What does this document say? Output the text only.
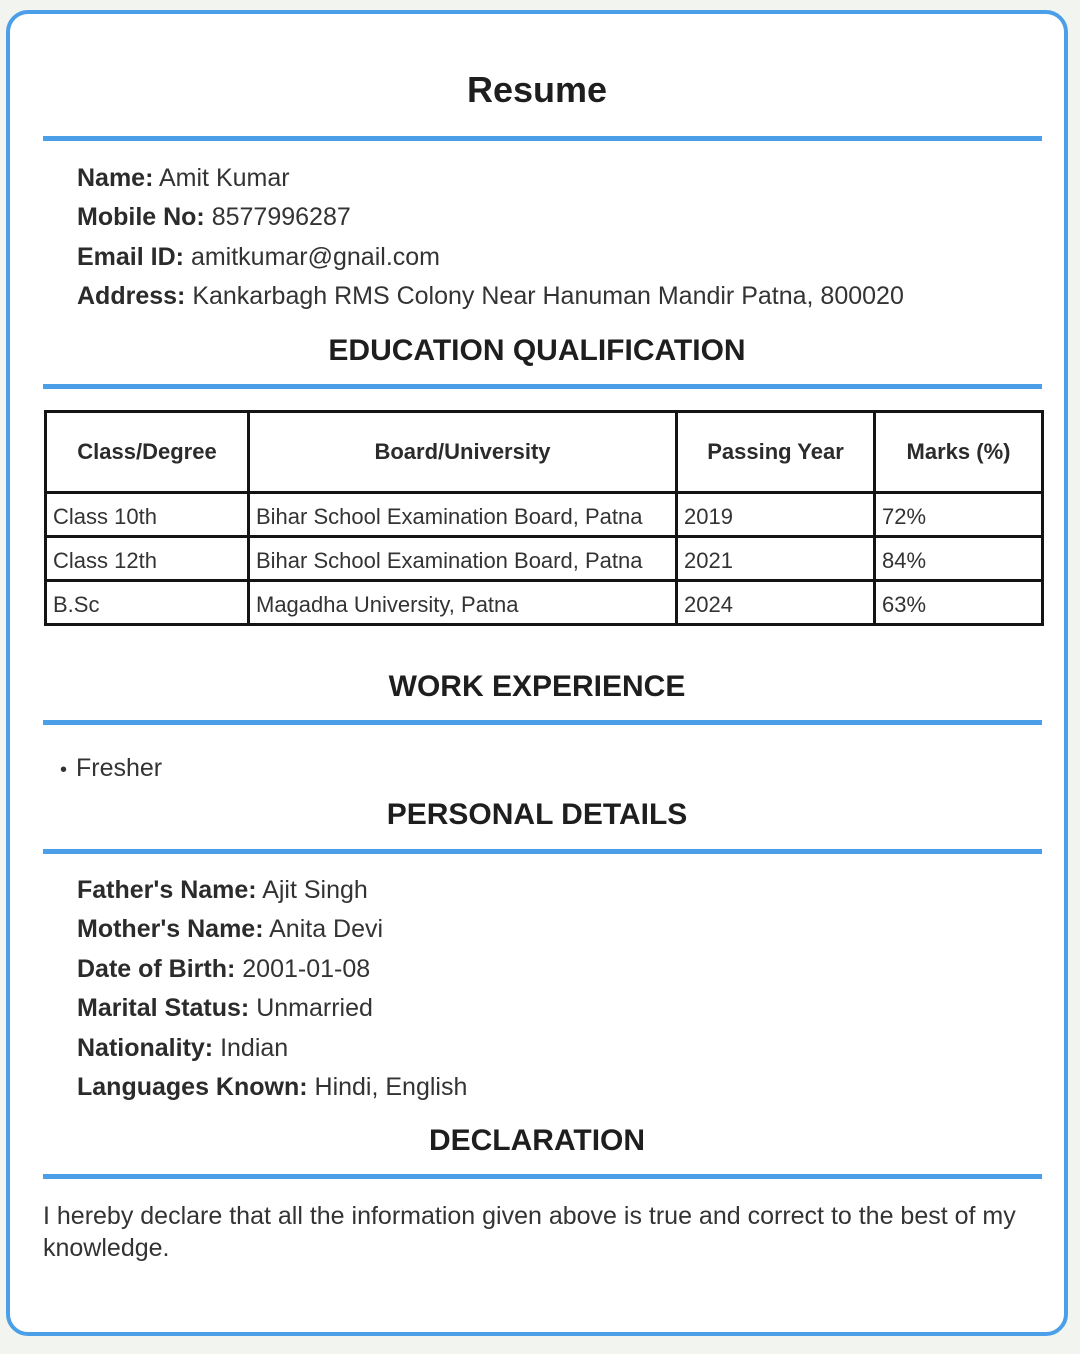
Resume
Name: Amit Kumar
Mobile No: 8577996287
Email ID: amitkumar@gnail.com
Address: Kankarbagh RMS Colony Near Hanuman Mandir Patna, 800020
EDUCATION QUALIFICATION
Class/Degree	Board/University	Passing Year	Marks (%)
Class 10th	Bihar School Examination Board, Patna	2019	72%
Class 12th	Bihar School Examination Board, Patna	2021	84%
B.Sc	Magadha University, Patna	2024	63%
WORK EXPERIENCE
• Fresher
PERSONAL DETAILS
Father's Name: Ajit Singh
Mother's Name: Anita Devi
Date of Birth: 2001-01-08
Marital Status: Unmarried
Nationality: Indian
Languages Known: Hindi, English
DECLARATION

I hereby declare that all the information given above is true and correct to the best of my knowledge.
